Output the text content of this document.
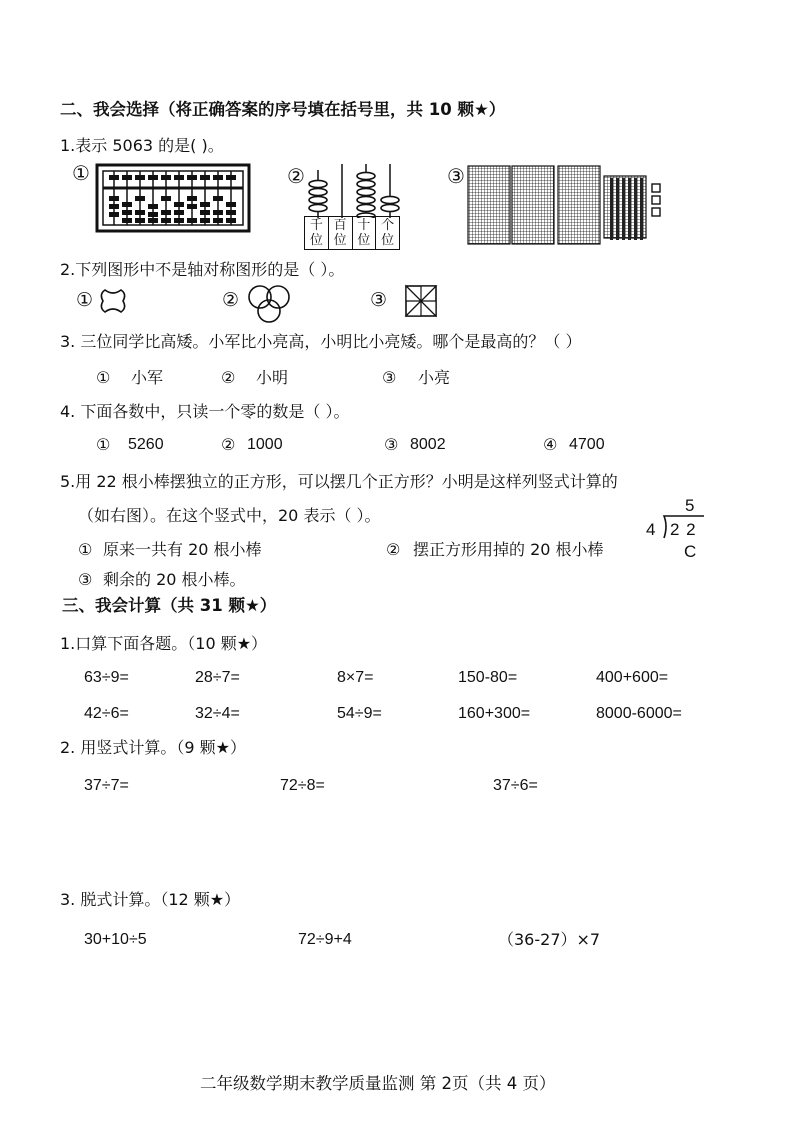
二、我会选择（将正确答案的序号填在括号里，共 10 颗★）
1.表示 5063 的是( )。
①	②
千位
百位
十位
个位
③
2.下列图形中不是轴对称图形的是（ ）。
①	②	③
3. 三位同学比高矮。小军比小亮高，小明比小亮矮。哪个是最高的？（ ）
① 小军	② 小明	③ 小亮
4. 下面各数中，只读一个零的数是（ ）。
① 5260	② 1000	③ 8002	④ 4700
5.用 22 根小棒摆独立的正方形，可以摆几个正方形？小明是这样列竖式计算的
（如右图）。在这个竖式中，20 表示（ ）。
5
4 2 2
C
① 原来一共有 20 根小棒	② 摆正方形用掉的 20 根小棒
③ 剩余的 20 根小棒。
三、我会计算（共 31 颗★）
1.口算下面各题。（10 颗★）
63÷9=	28÷7=	8×7=	150-80=	400+600=
42÷6=	32÷4=	54÷9=	160+300=	8000-6000=
2. 用竖式计算。（9 颗★）
37÷7=	72÷8=	37÷6=
3. 脱式计算。（12 颗★）
30+10÷5	72÷9+4	（36-27）×7
二年级数学期末教学质量监测 第 2页（共 4 页）
